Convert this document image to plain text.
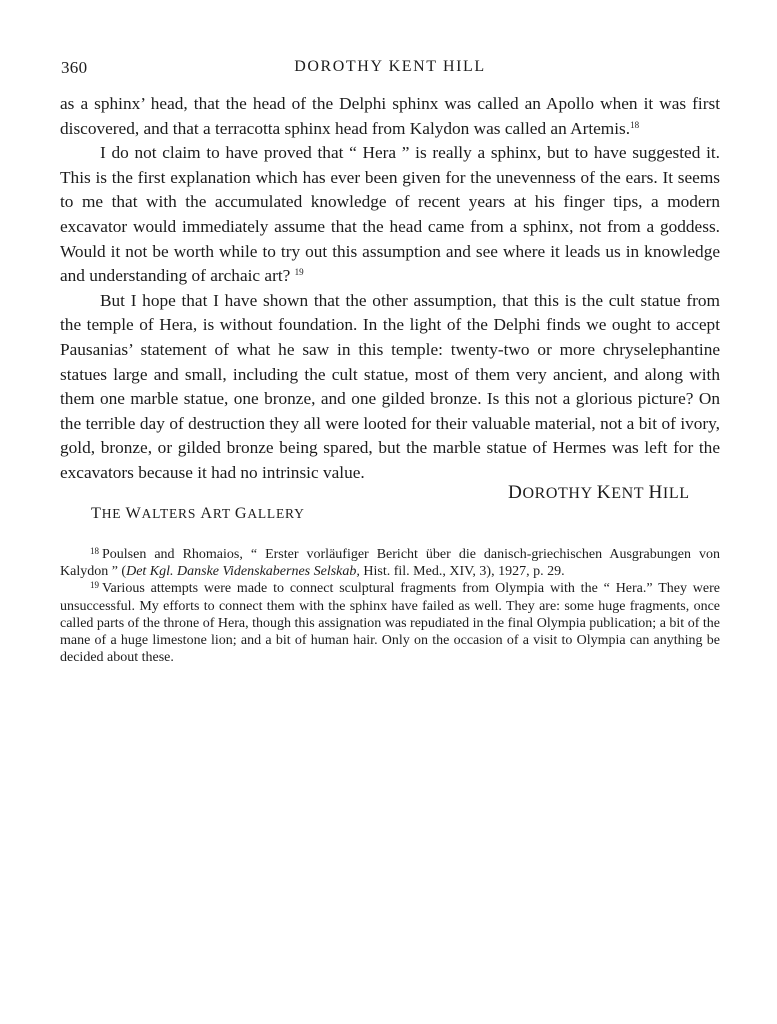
360	DOROTHY KENT HILL

as a sphinx’ head, that the head of the Delphi sphinx was called an Apollo when it was first discovered, and that a terracotta sphinx head from Kalydon was called an Artemis.$^{18}$

I do not claim to have proved that “ Hera ” is really a sphinx, but to have suggested it. This is the first explanation which has ever been given for the unevenness of the ears. It seems to me that with the accumulated knowledge of recent years at his finger tips, a modern excavator would immediately assume that the head came from a sphinx, not from a goddess. Would it not be worth while to try out this assumption and see where it leads us in knowledge and understanding of archaic art? $^{19}$

But I hope that I have shown that the other assumption, that this is the cult statue from the temple of Hera, is without foundation. In the light of the Delphi finds we ought to accept Pausanias’ statement of what he saw in this temple: twenty-two or more chryselephantine statues large and small, including the cult statue, most of them very ancient, and along with them one marble statue, one bronze, and one gilded bronze. Is this not a glorious picture? On the terrible day of destruction they all were looted for their valuable material, not a bit of ivory, gold, bronze, or gilded bronze being spared, but the marble statue of Hermes was left for the excavators because it had no intrinsic value.

DOROTHY KENT HILL
THE WALTERS ART GALLERY

$^{18}$ Poulsen and Rhomaios, “ Erster vorläufiger Bericht über die danisch-griechischen Ausgrabungen von Kalydon ” (Det Kgl. Danske Videnskabernes Selskab, Hist. fil. Med., XIV, 3), 1927, p. 29.

$^{19}$ Various attempts were made to connect sculptural fragments from Olympia with the “ Hera.” They were unsuccessful. My efforts to connect them with the sphinx have failed as well. They are: some huge fragments, once called parts of the throne of Hera, though this assignation was repudiated in the final Olympia publication; a bit of the mane of a huge limestone lion; and a bit of human hair. Only on the occasion of a visit to Olympia can anything be decided about these.
